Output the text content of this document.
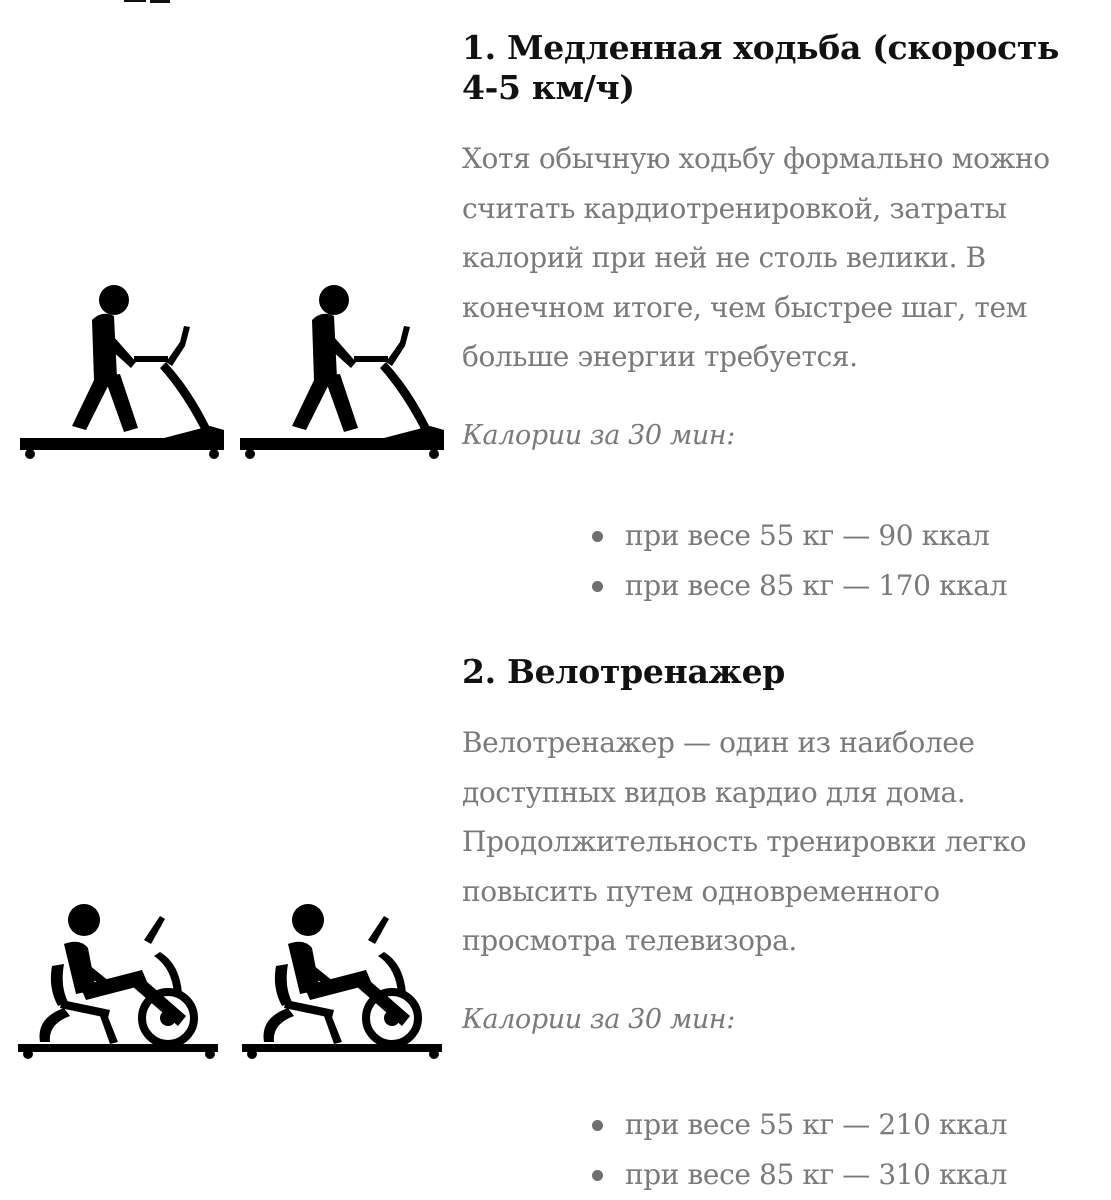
1. Медленная ходьба (скорость 4-5 км/ч)

Хотя обычную ходьбу формально можно считать кардиотренировкой, затраты калорий при ней не столь велики. В конечном итоге, чем быстрее шаг, тем больше энергии требуется.

Калории за 30 мин:

при весе 55 кг — 90 ккал
при весе 85 кг — 170 ккал
2. Велотренажер

Велотренажер — один из наиболее доступных видов кардио для дома. Продолжительность тренировки легко повысить путем одновременного просмотра телевизора.

Калории за 30 мин:

при весе 55 кг — 210 ккал
при весе 85 кг — 310 ккал
